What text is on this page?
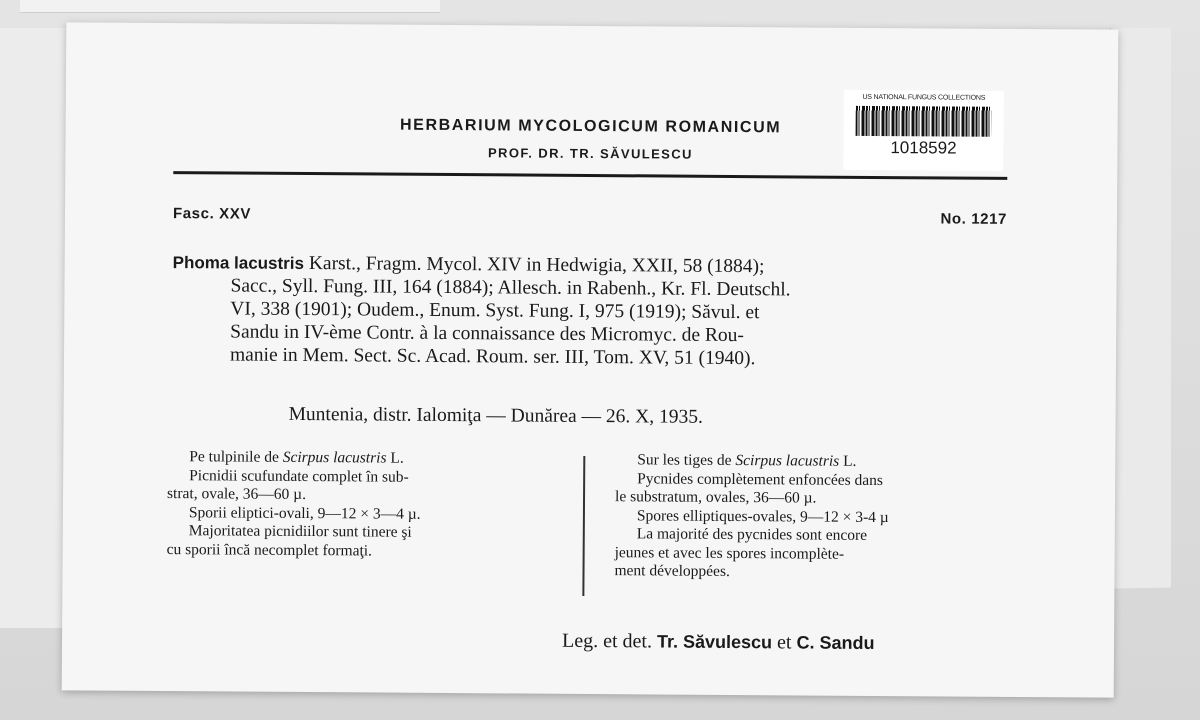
HERBARIUM MYCOLOGICUM ROMANICUM
PROF. DR. TR. SĂVULESCU
US NATIONAL FUNGUS COLLECTIONS
1018592
Fasc. XXV	No. 1217
Phoma lacustris Karst., Fragm. Mycol. XIV in Hedwigia, XXII, 58 (1884);
Sacc., Syll. Fung. III, 164 (1884); Allesch. in Rabenh., Kr. Fl. Deutschl.
VI, 338 (1901); Oudem., Enum. Syst. Fung. I, 975 (1919); Săvul. et
Sandu in IV-ème Contr. à la connaissance des Micromyc. de Rou-
manie in Mem. Sect. Sc. Acad. Roum. ser. III, Tom. XV, 51 (1940).
Muntenia, distr. Ialomiţa — Dunărea — 26. X, 1935.
Pe tulpinile de Scirpus lacustris L.
Picnidii scufundate complet în sub-
strat, ovale, 36—60 µ.
Sporii eliptici-ovali, 9—12 × 3—4 µ.
Majoritatea picnidiilor sunt tinere şi
cu sporii încă necomplet formaţi.
Sur les tiges de Scirpus lacustris L.
Pycnides complètement enfoncées dans
le substratum, ovales, 36—60 µ.
Spores elliptiques-ovales, 9—12 × 3-4 µ
La majorité des pycnides sont encore
jeunes et avec les spores incomplète-
ment développées.
Leg. et det. Tr. Săvulescu et C. Sandu
